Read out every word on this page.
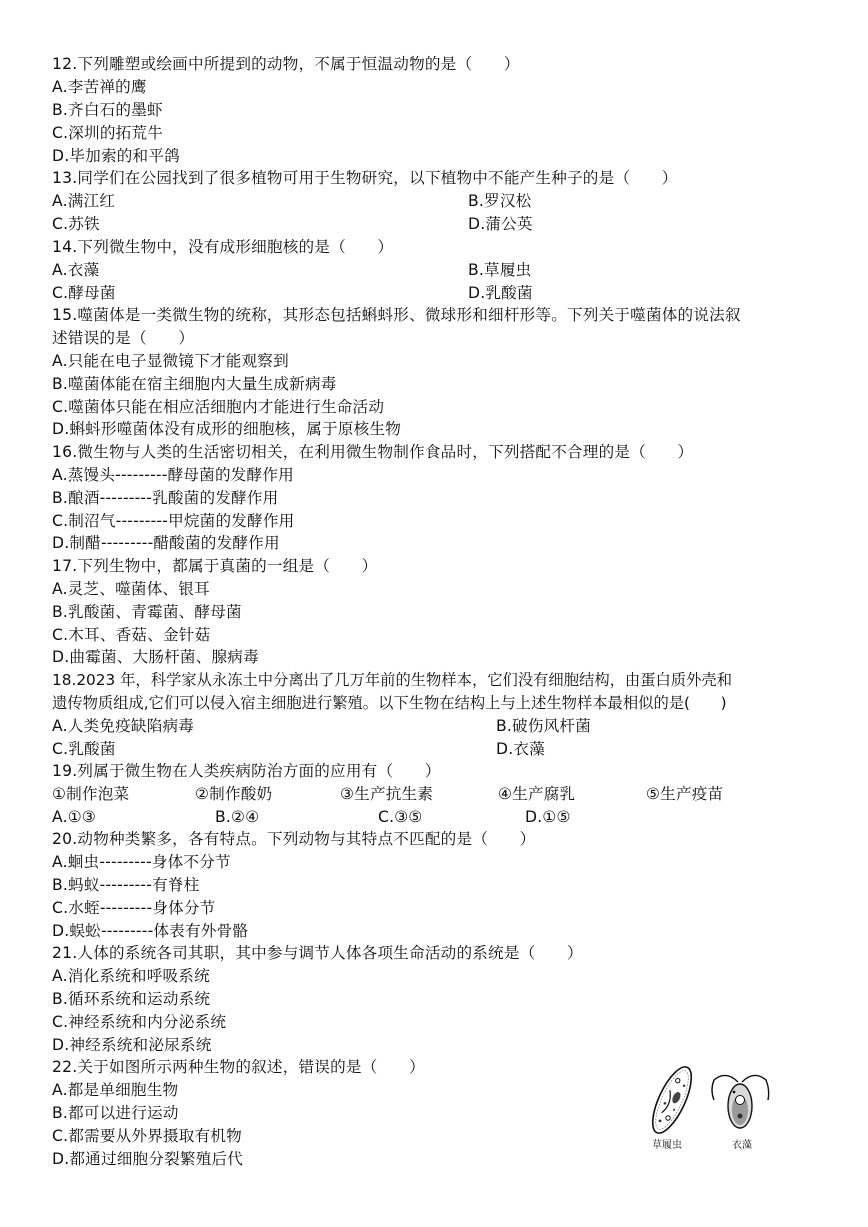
12.下列雕塑或绘画中所提到的动物，不属于恒温动物的是（　　）
A.李苦禅的鹰
B.齐白石的墨虾
C.深圳的拓荒牛
D.毕加索的和平鸽
13.同学们在公园找到了很多植物可用于生物研究，以下植物中不能产生种子的是（　　）
A.满江红	B.罗汉松
C.苏铁	D.蒲公英
14.下列微生物中，没有成形细胞核的是（　　）
A.衣藻	B.草履虫
C.酵母菌	D.乳酸菌
15.噬菌体是一类微生物的统称，其形态包括蝌蚪形、微球形和细杆形等。下列关于噬菌体的说法叙
述错误的是（　　）
A.只能在电子显微镜下才能观察到
B.噬菌体能在宿主细胞内大量生成新病毒
C.噬菌体只能在相应活细胞内才能进行生命活动
D.蝌蚪形噬菌体没有成形的细胞核，属于原核生物
16.微生物与人类的生活密切相关，在利用微生物制作食品时，下列搭配不合理的是（　　）
A.蒸馒头---------酵母菌的发酵作用
B.酿酒---------乳酸菌的发酵作用
C.制沼气---------甲烷菌的发酵作用
D.制醋---------醋酸菌的发酵作用
17.下列生物中，都属于真菌的一组是（　　）
A.灵芝、噬菌体、银耳
B.乳酸菌、青霉菌、酵母菌
C.木耳、香菇、金针菇
D.曲霉菌、大肠杆菌、腺病毒
18.2023 年，科学家从永冻土中分离出了几万年前的生物样本，它们没有细胞结构，由蛋白质外壳和
遗传物质组成,它们可以侵入宿主细胞进行繁殖。以下生物在结构上与上述生物样本最相似的是(　　)
A.人类免疫缺陷病毒	B.破伤风杆菌
C.乳酸菌	D.衣藻
19.列属于微生物在人类疾病防治方面的应用有（　　）
①制作泡菜	②制作酸奶	③生产抗生素	④生产腐乳	⑤生产疫苗
A.①③	B.②④	C.③⑤	D.①⑤
20.动物种类繁多，各有特点。下列动物与其特点不匹配的是（　　）
A.蛔虫---------身体不分节
B.蚂蚁---------有脊柱
C.水蛭---------身体分节
D.蜈蚣---------体表有外骨骼
21.人体的系统各司其职，其中参与调节人体各项生命活动的系统是（　　）
A.消化系统和呼吸系统
B.循环系统和运动系统
C.神经系统和内分泌系统
D.神经系统和泌尿系统
22.关于如图所示两种生物的叙述，错误的是（　　）
A.都是单细胞生物
B.都可以进行运动
C.都需要从外界摄取有机物
D.都通过细胞分裂繁殖后代
草履虫	衣藻
